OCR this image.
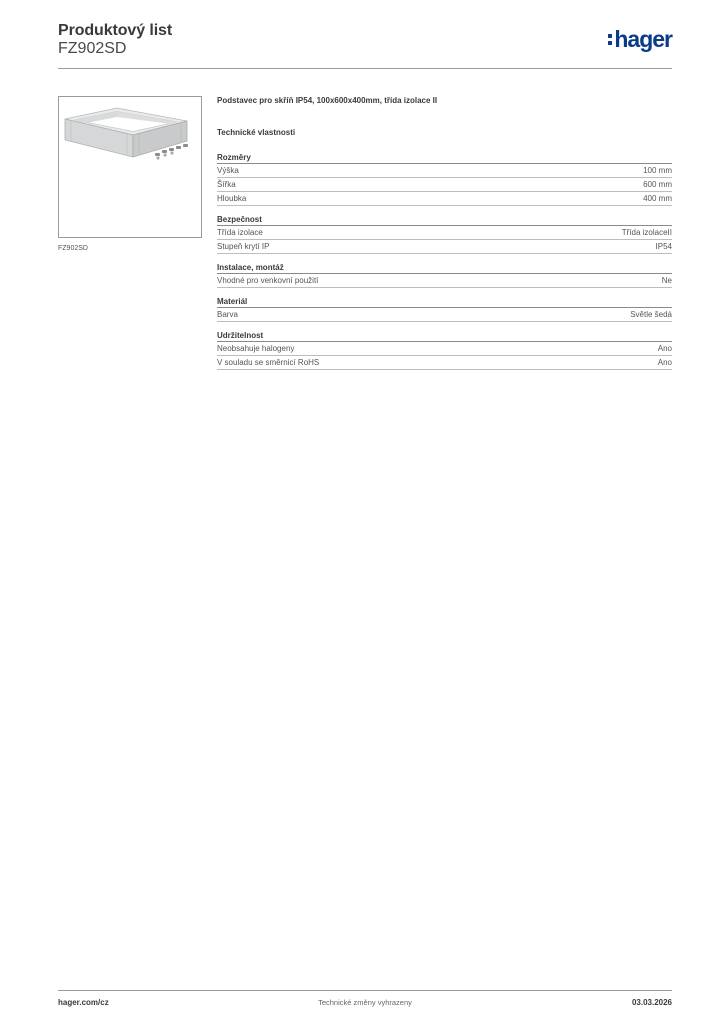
Produktový list
FZ902SD	hager
FZ902SD
Podstavec pro skříň IP54, 100x600x400mm, třída izolace II
Technické vlastnosti
Rozměry
Výška	100 mm
Šířka	600 mm
Hloubka	400 mm
Bezpečnost
Třída izolace	Třída izolaceII
Stupeň krytí IP	IP54
Instalace, montáž
Vhodné pro venkovní použití	Ne
Materiál
Barva	Světle šedá
Udržitelnost
Neobsahuje halogeny	Ano
V souladu se směrnicí RoHS	Ano
hager.com/cz	Technické změny vyhrazeny	03.03.2026
